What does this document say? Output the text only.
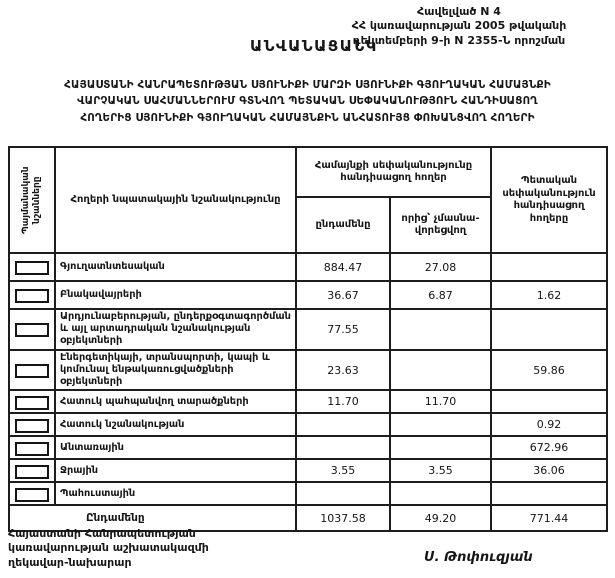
Հավելված N 4
ՀՀ կառավարության 2005 թվականի
դեկտեմբերի 9-ի N 2355-Ն որոշման
ԱՆՎԱՆԱՑԱՆԿ
ՀԱՅԱՍՏԱՆԻ ՀԱՆՐԱՊԵՏՈՒԹՅԱՆ ՍՅՈՒՆԻՔԻ ՄԱՐԶԻ ՍՅՈՒՆԻՔԻ ԳՅՈՒՂԱԿԱՆ ՀԱՄԱՅՆՔԻ
ՎԱՐՉԱԿԱՆ ՍԱՀՄԱՆՆԵՐՈՒՄ ԳՏՆՎՈՂ ՊԵՏԱԿԱՆ ՍԵՓԱԿԱՆՈՒԹՅՈՒՆ ՀԱՆԴԻՍԱՑՈՂ
ՀՈՂԵՐԻՑ ՍՅՈՒՆԻՔԻ ԳՅՈՒՂԱԿԱՆ ՀԱՄԱՅՆՔԻՆ ԱՆՀԱՏՈՒՅՑ ՓՈԽԱՆՑՎՈՂ ՀՈՂԵՐԻ
Պայմանական նշանները	Հողերի նպատակային նշանակությունը	Համայնքի սեփականությունը հանդիսացող հողեր		Պետական սեփականություն հանդիսացող հողերը
		ընդամենը	որից՝ չմասնա-վորեցվող	
	Գյուղատնտեսական	884.47	27.08	
	Բնակավայրերի	36.67	6.87	1.62
	Արդյունաբերության, ընդերքօգտագործման և այլ արտադրական նշանակության օբյեկտների	77.55		
	Էներգետիկայի, տրանսպորտի, կապի և կոմունալ ենթակառուցվածքների օբյեկտների	23.63		59.86
	Հատուկ պահպանվող տարածքների	11.70	11.70	
	Հատուկ նշանակության			0.92
	Անտառային			672.96
	Ջրային	3.55	3.55	36.06
	Պահուստային			
Ընդամենը		1037.58	49.20	771.44
Հայաստանի Հանրապետության
կառավարության աշխատակազմի
ղեկավար-նախարար	Ս. Թոփուզյան
